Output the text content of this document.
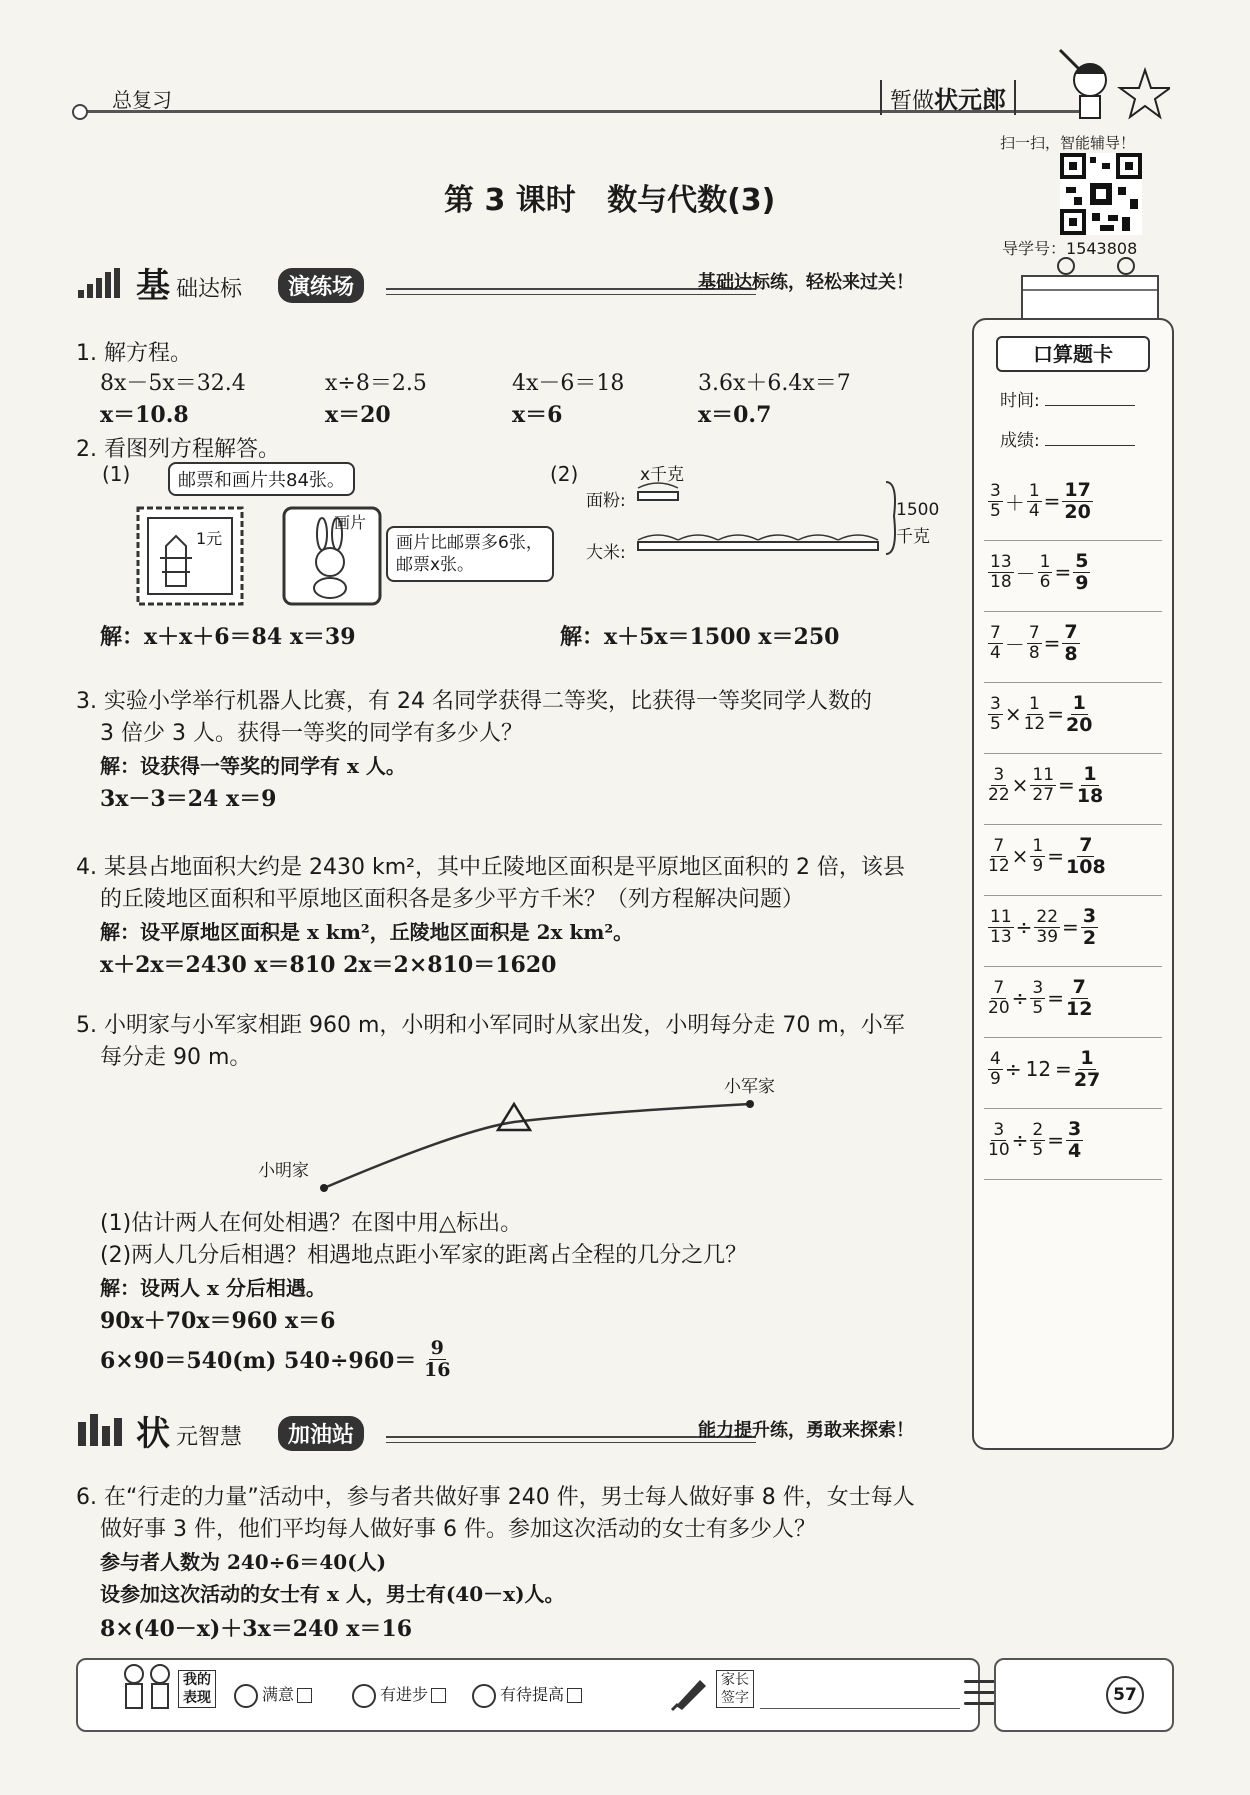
总复习	暂做状元郎
扫一扫，智能辅导！
导学号：1543808
第 3 课时   数与代数(3)
基 础达标	演练场	基础达标练，轻松来过关！
1. 解方程。
8x－5x＝32.4	x÷8＝2.5	4x－6＝18	3.6x＋6.4x＝7
x＝10.8	x＝20	x＝6	x＝0.7
2. 看图列方程解答。
(1)	邮票和画片共84张。
1元
画片
画片比邮票多6张，邮票x张。
解：x＋x＋6＝84 x＝39
(2)	x千克
面粉:
大米:
1500
千克
解：x＋5x＝1500 x＝250
3. 实验小学举行机器人比赛，有 24 名同学获得二等奖，比获得一等奖同学人数的
3 倍少 3 人。获得一等奖的同学有多少人？
解：设获得一等奖的同学有 x 人。
3x－3＝24 x＝9
4. 某县占地面积大约是 2430 km²，其中丘陵地区面积是平原地区面积的 2 倍，该县
的丘陵地区面积和平原地区面积各是多少平方千米？（列方程解决问题）
解：设平原地区面积是 x km²，丘陵地区面积是 2x km²。
x＋2x＝2430 x＝810 2x＝2×810＝1620
5. 小明家与小军家相距 960 m，小明和小军同时从家出发，小明每分走 70 m，小军
每分走 90 m。
小明家
小军家
(1)估计两人在何处相遇？在图中用△标出。
(2)两人几分后相遇？相遇地点距小军家的距离占全程的几分之几？
解：设两人 x 分后相遇。
90x＋70x＝960 x＝6
6×90＝540(m) $540\div 960= \frac{9}{16}$
状 元智慧	加油站	能力提升练，勇敢来探索！
6. 在“行走的力量”活动中，参与者共做好事 240 件，男士每人做好事 8 件，女士每人
做好事 3 件，他们平均每人做好事 6 件。参加这次活动的女士有多少人？
参与者人数为 240÷6＝40(人)
设参加这次活动的女士有 x 人，男士有(40－x)人。
8×(40－x)＋3x＝240 x＝16
口算题卡
时间:
成绩:
$\frac{3}{5} + \frac{1}{4} = \frac{17}{20}$
$\frac{13}{18} - \frac{1}{6} = \frac{5}{9}$
$\frac{7}{4} - \frac{7}{8} = \frac{7}{8}$
$\frac{3}{5} \times \frac{1}{12} = \frac{1}{20}$
$\frac{3}{22} \times \frac{11}{27} = \frac{1}{18}$
$\frac{7}{12} \times \frac{1}{9} = \frac{7}{108}$
$\frac{11}{13} \div \frac{22}{39} = \frac{3}{2}$
$\frac{7}{20} \div \frac{3}{5} = \frac{7}{12}$
$\frac{4}{9} \div 12 = \frac{1}{27}$
$\frac{3}{10} \div \frac{2}{5} = \frac{3}{4}$
我的
表现	满意	有进步	有待提高
家长
签字	57
